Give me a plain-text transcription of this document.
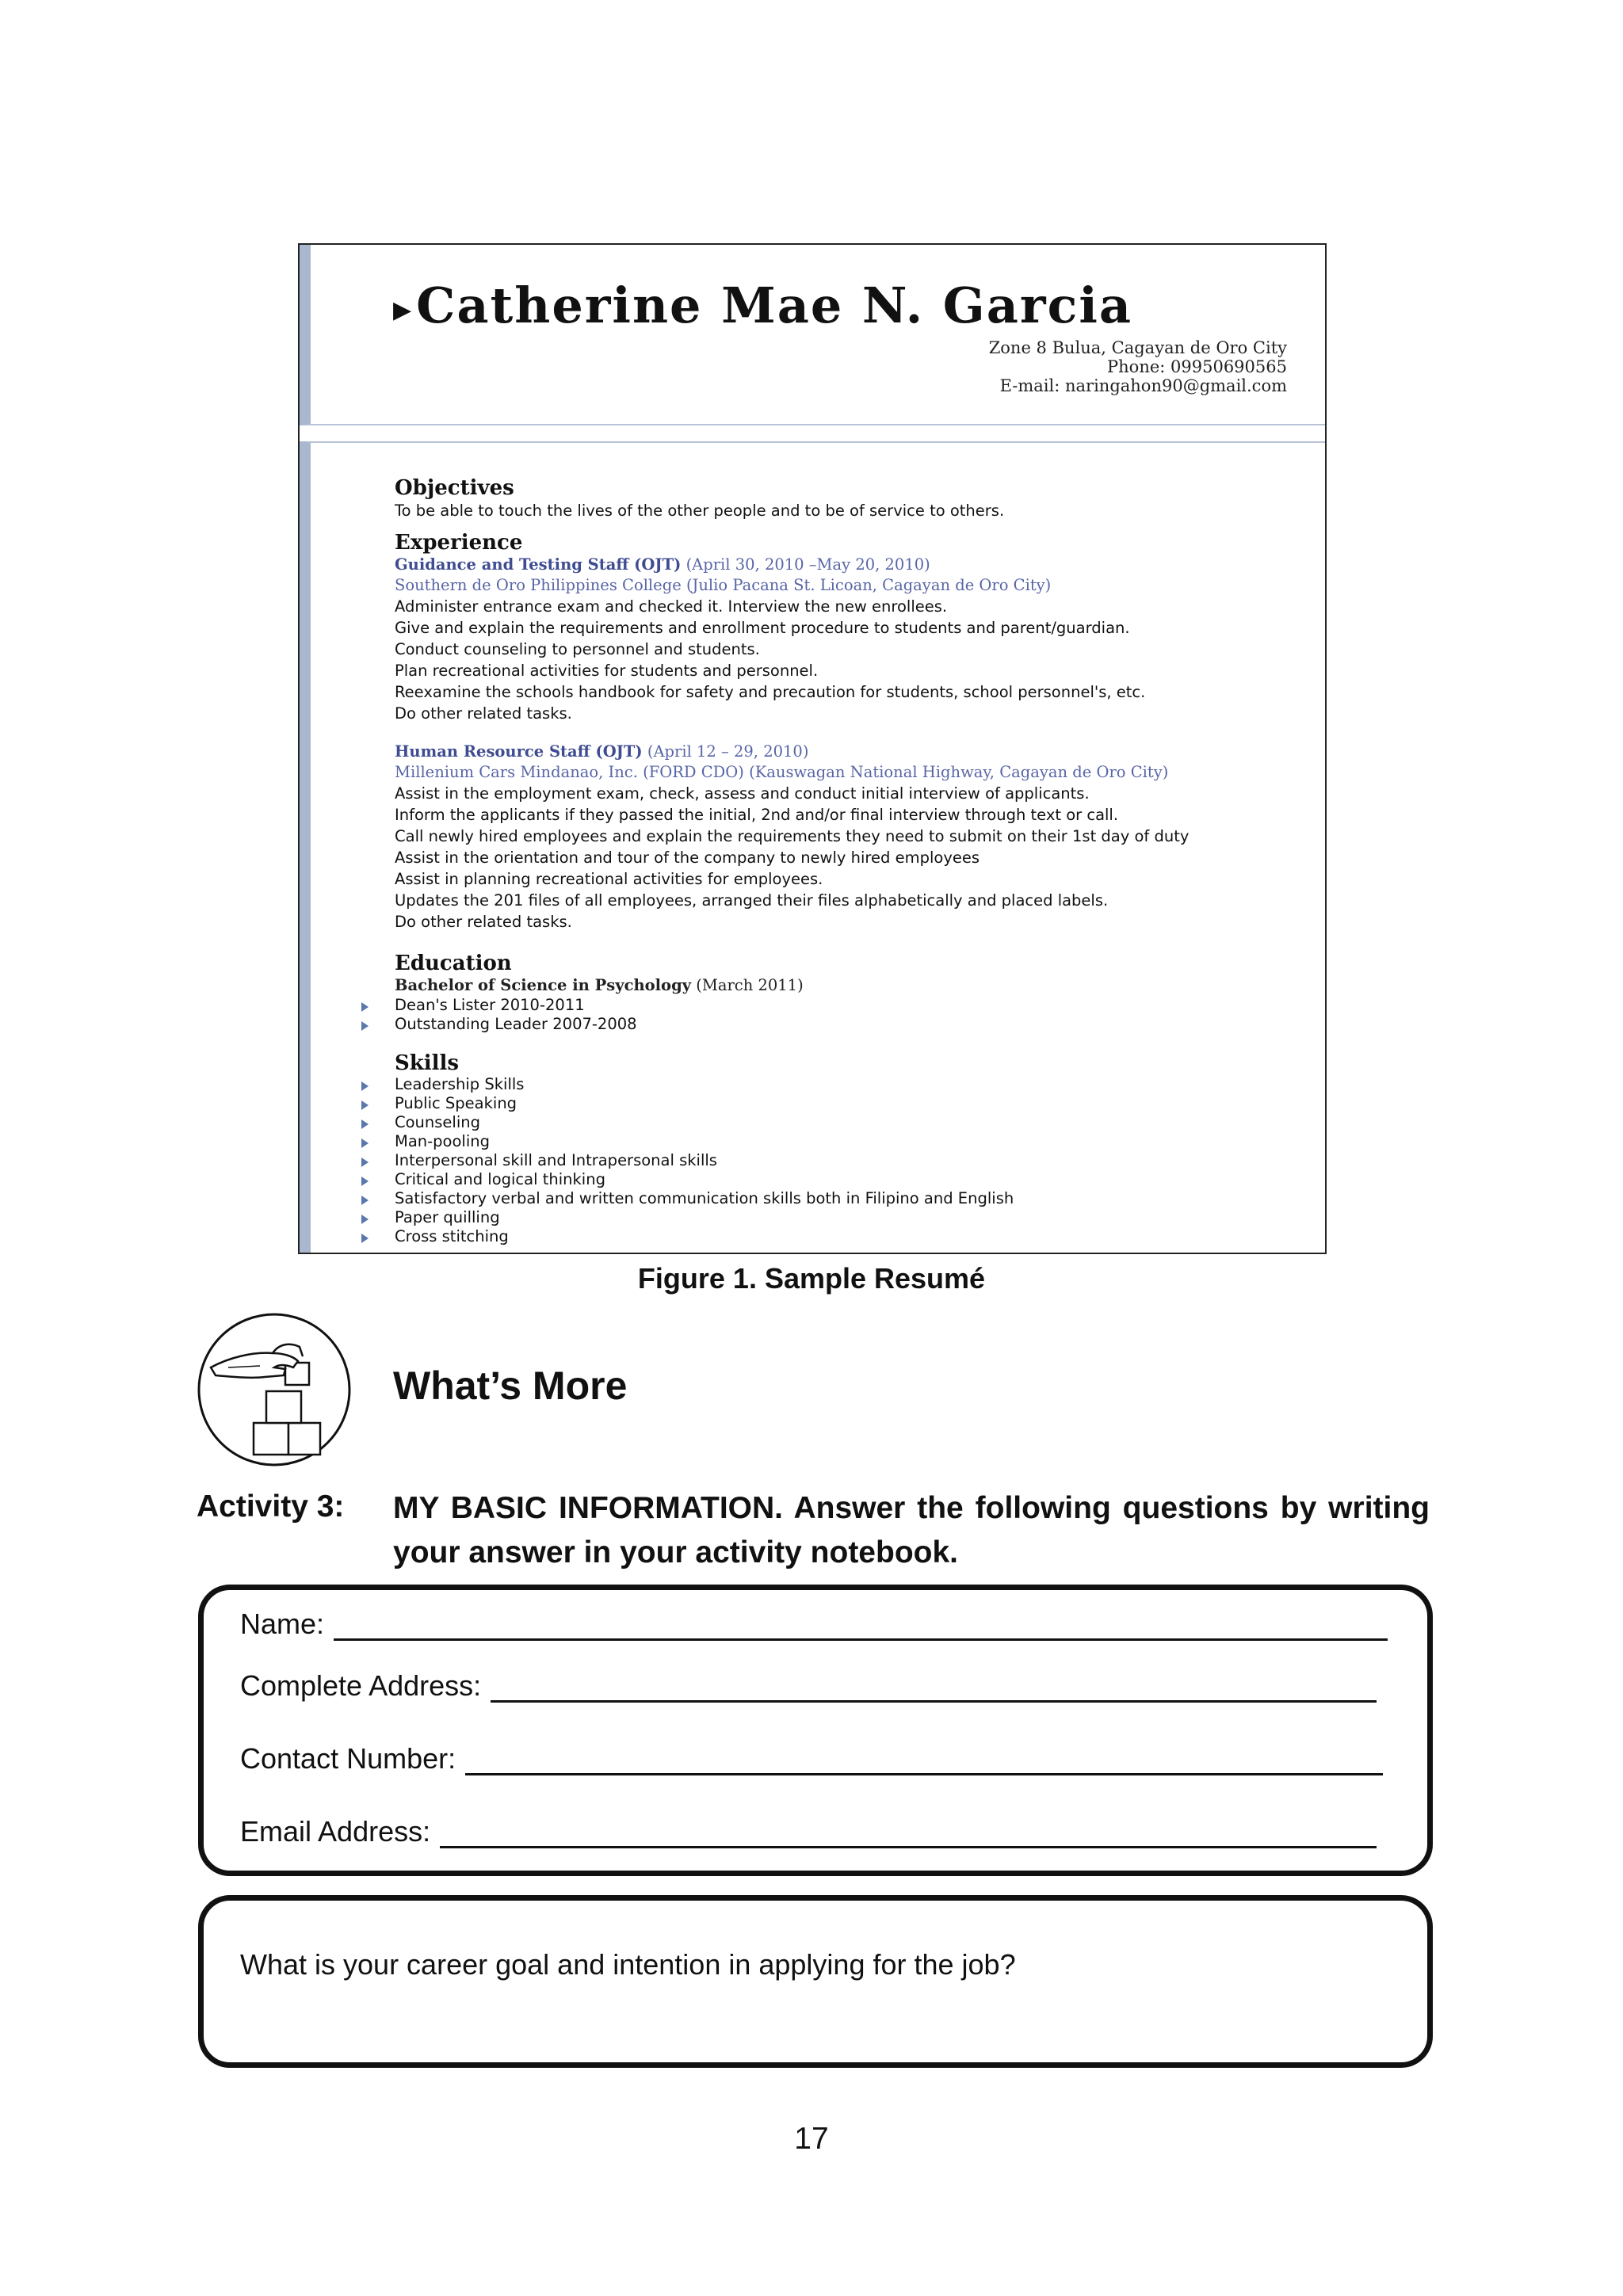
▶Catherine Mae N. Garcia
Zone 8 Bulua, Cagayan de Oro City
Phone: 09950690565
E-mail: naringahon90@gmail.com
Objectives
To be able to touch the lives of the other people and to be of service to others.
Experience
Guidance and Testing Staff (OJT) (April 30, 2010 –May 20, 2010)
Southern de Oro Philippines College (Julio Pacana St. Licoan, Cagayan de Oro City)
Administer entrance exam and checked it. Interview the new enrollees.
Give and explain the requirements and enrollment procedure to students and parent/guardian.
Conduct counseling to personnel and students.
Plan recreational activities for students and personnel.
Reexamine the schools handbook for safety and precaution for students, school personnel's, etc.
Do other related tasks.
Human Resource Staff (OJT) (April 12 – 29, 2010)
Millenium Cars Mindanao, Inc. (FORD CDO) (Kauswagan National Highway, Cagayan de Oro City)
Assist in the employment exam, check, assess and conduct initial interview of applicants.
Inform the applicants if they passed the initial, 2nd and/or final interview through text or call.
Call newly hired employees and explain the requirements they need to submit on their 1st day of duty
Assist in the orientation and tour of the company to newly hired employees
Assist in planning recreational activities for employees.
Updates the 201 files of all employees, arranged their files alphabetically and placed labels.
Do other related tasks.
Education
Bachelor of Science in Psychology (March 2011)
Dean's Lister 2010-2011
Outstanding Leader 2007-2008
Skills
Leadership Skills
Public Speaking
Counseling
Man-pooling
Interpersonal skill and Intrapersonal skills
Critical and logical thinking
Satisfactory verbal and written communication skills both in Filipino and English
Paper quilling
Cross stitching
Figure 1. Sample Resumé
What’s More
Activity 3: MY BASIC INFORMATION. Answer the following questions by writing your answer in your activity notebook.
Name:
Complete Address:
Contact Number:
Email Address:
What is your career goal and intention in applying for the job?
17
